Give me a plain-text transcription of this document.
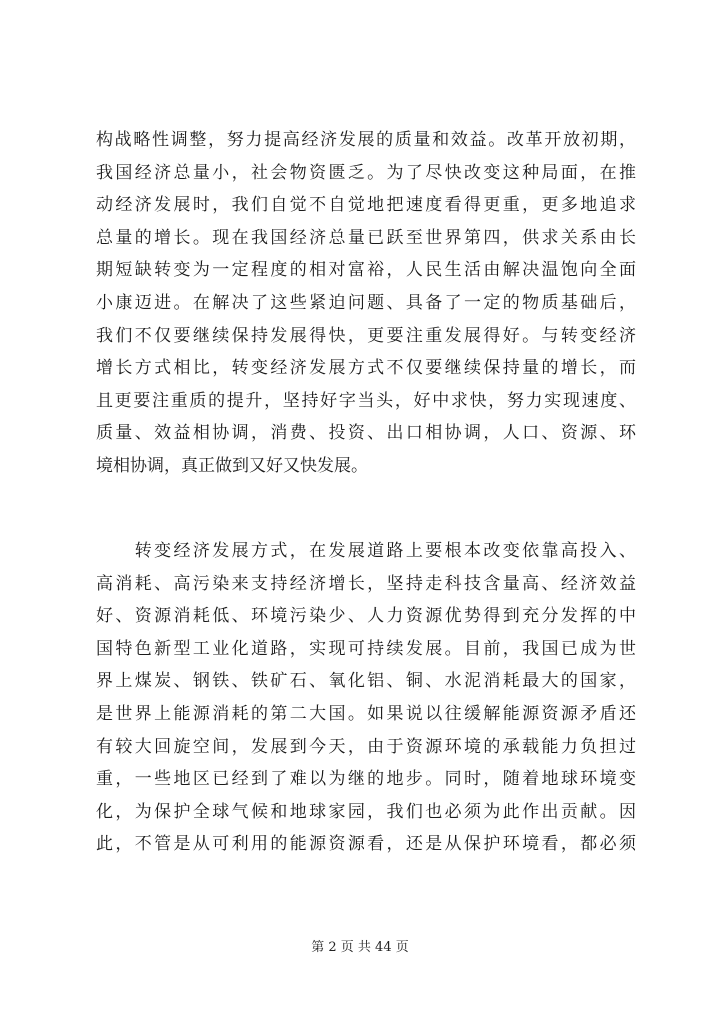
构战略性调整，努力提高经济发展的质量和效益。改革开放初期，
我国经济总量小，社会物资匮乏。为了尽快改变这种局面，在推
动经济发展时，我们自觉不自觉地把速度看得更重，更多地追求
总量的增长。现在我国经济总量已跃至世界第四，供求关系由长
期短缺转变为一定程度的相对富裕，人民生活由解决温饱向全面
小康迈进。在解决了这些紧迫问题、具备了一定的物质基础后，
我们不仅要继续保持发展得快，更要注重发展得好。与转变经济
增长方式相比，转变经济发展方式不仅要继续保持量的增长，而
且更要注重质的提升，坚持好字当头，好中求快，努力实现速度、
质量、效益相协调，消费、投资、出口相协调，人口、资源、环
境相协调，真正做到又好又快发展。
　　转变经济发展方式，在发展道路上要根本改变依靠高投入、
高消耗、高污染来支持经济增长，坚持走科技含量高、经济效益
好、资源消耗低、环境污染少、人力资源优势得到充分发挥的中
国特色新型工业化道路，实现可持续发展。目前，我国已成为世
界上煤炭、钢铁、铁矿石、氧化铝、铜、水泥消耗最大的国家，
是世界上能源消耗的第二大国。如果说以往缓解能源资源矛盾还
有较大回旋空间，发展到今天，由于资源环境的承载能力负担过
重，一些地区已经到了难以为继的地步。同时，随着地球环境变
化，为保护全球气候和地球家园，我们也必须为此作出贡献。因
此，不管是从可利用的能源资源看，还是从保护环境看，都必须
第 2 页 共 44 页
